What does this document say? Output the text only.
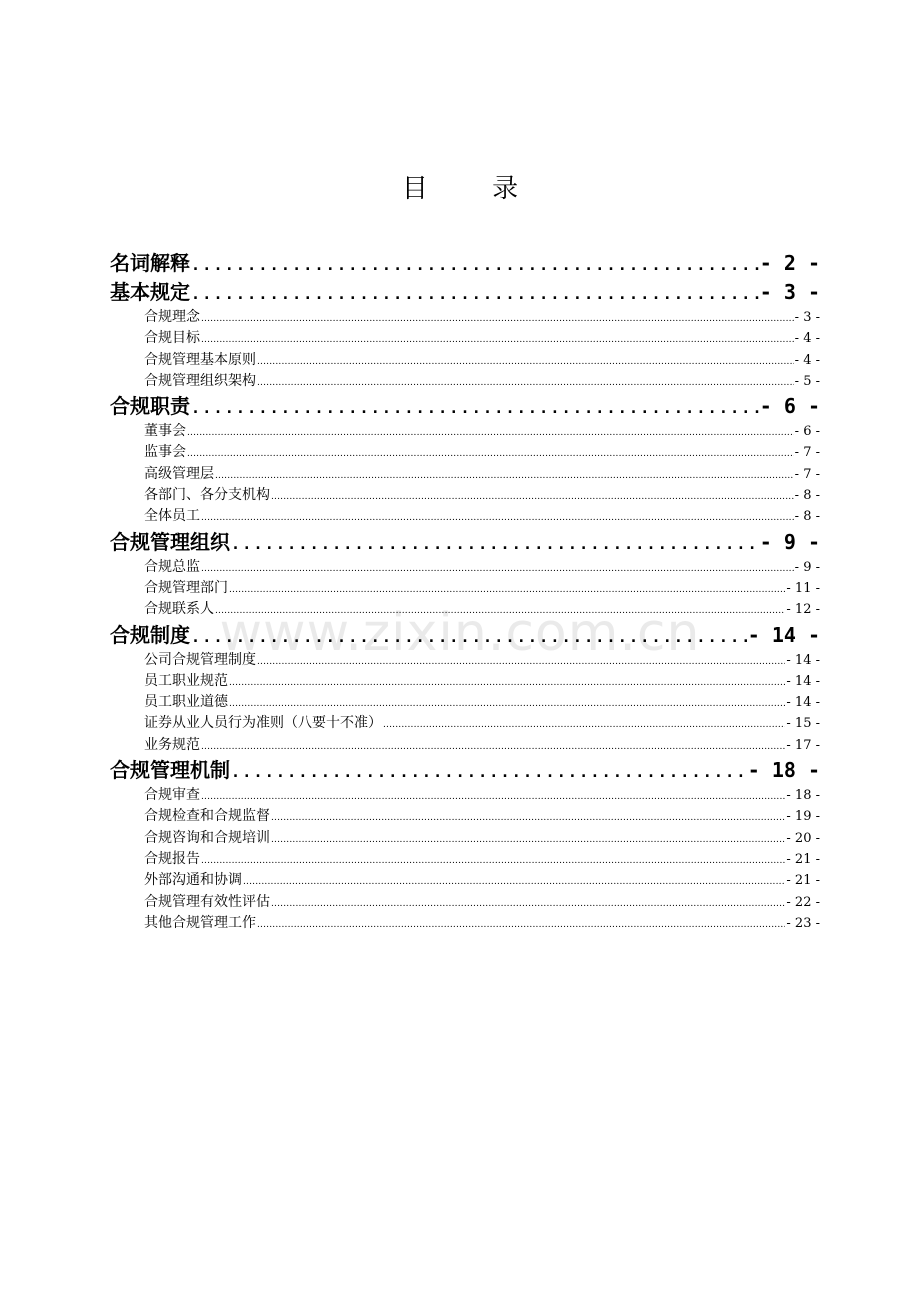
目 录
www.zixin.com.cn
名词解释 .....	- 2 -
基本规定 .....	- 3 -
合规理念 .....	- 3 -
合规目标 .....	- 4 -
合规管理基本原则 .....	- 4 -
合规管理组织架构 .....	- 5 -
合规职责 .....	- 6 -
董事会 .....	- 6 -
监事会 .....	- 7 -
高级管理层 .....	- 7 -
各部门、各分支机构 .....	- 8 -
全体员工 .....	- 8 -
合规管理组织 .....	- 9 -
合规总监 .....	- 9 -
合规管理部门 .....	- 11 -
合规联系人 .....	- 12 -
合规制度 .....	- 14 -
公司合规管理制度 .....	- 14 -
员工职业规范 .....	- 14 -
员工职业道德 .....	- 14 -
证券从业人员行为准则（八要十不准） .....	- 15 -
业务规范 .....	- 17 -
合规管理机制 .....	- 18 -
合规审查 .....	- 18 -
合规检查和合规监督 .....	- 19 -
合规咨询和合规培训 .....	- 20 -
合规报告 .....	- 21 -
外部沟通和协调 .....	- 21 -
合规管理有效性评估 .....	- 22 -
其他合规管理工作 .....	- 23 -
